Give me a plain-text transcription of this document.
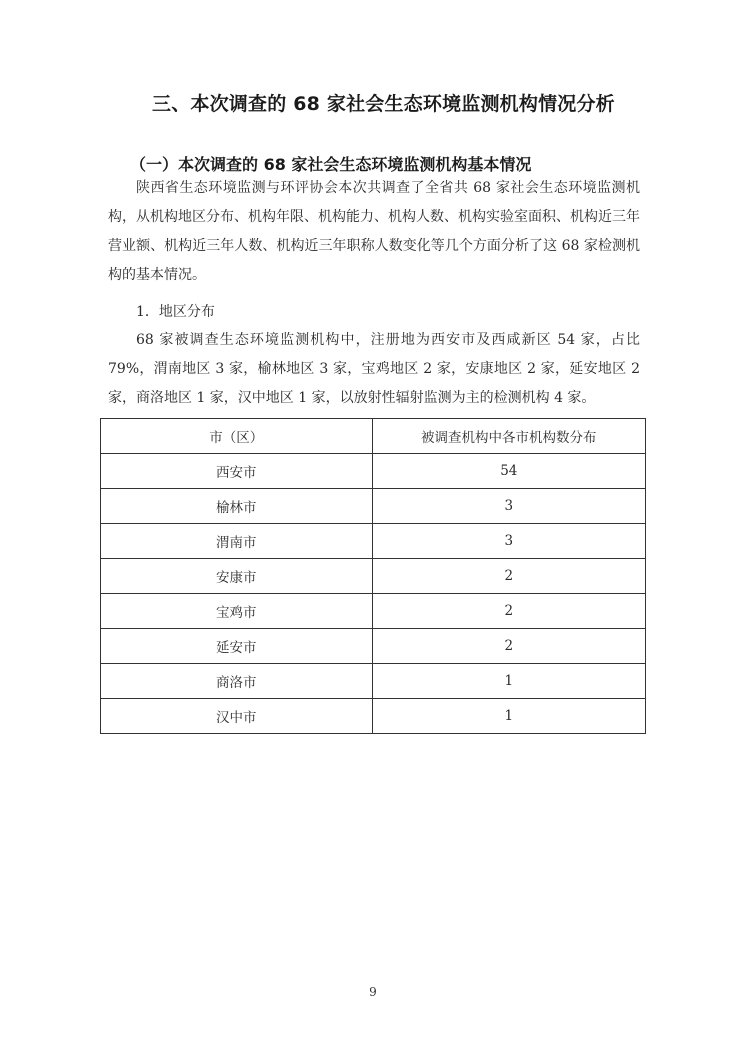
三、本次调查的 68 家社会生态环境监测机构情况分析
（一）本次调查的 68 家社会生态环境监测机构基本情况
陕西省生态环境监测与环评协会本次共调查了全省共 68 家社会生态环境监测机构，从机构地区分布、机构年限、机构能力、机构人数、机构实验室面积、机构近三年营业额、机构近三年人数、机构近三年职称人数变化等几个方面分析了这 68 家检测机构的基本情况。
1．地区分布
68 家被调查生态环境监测机构中，注册地为西安市及西咸新区 54 家，占比 79%，渭南地区 3 家，榆林地区 3 家，宝鸡地区 2 家，安康地区 2 家，延安地区 2 家，商洛地区 1 家，汉中地区 1 家，以放射性辐射监测为主的检测机构 4 家。
市（区）	被调查机构中各市机构数分布
西安市	54
榆林市	3
渭南市	3
安康市	2
宝鸡市	2
延安市	2
商洛市	1
汉中市	1
9
